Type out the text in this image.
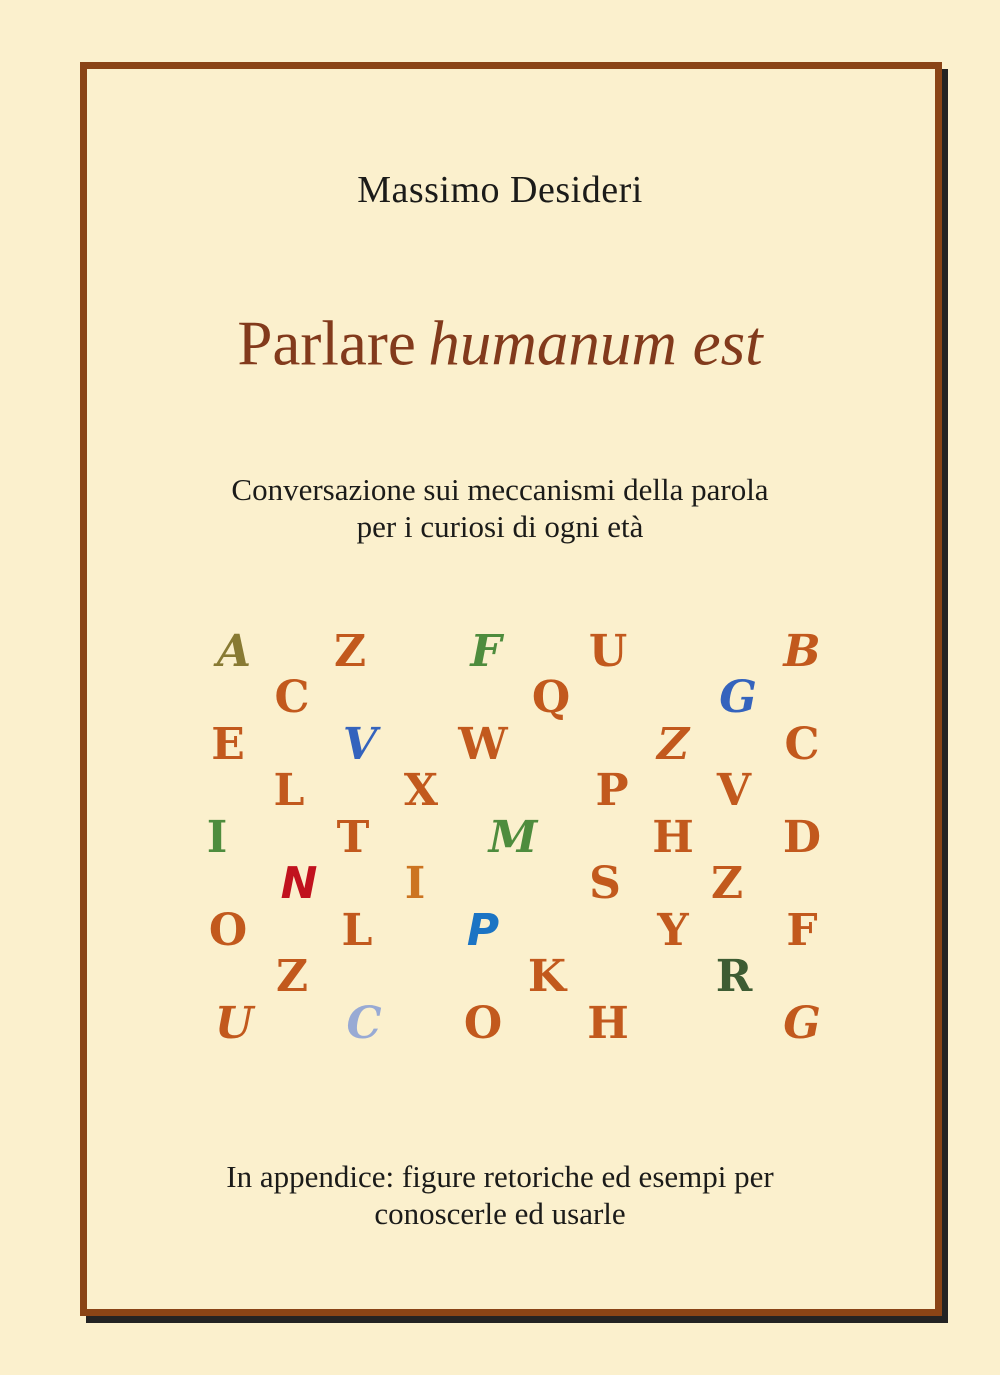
Massimo Desideri
Parlare humanum est
Conversazione sui meccanismi della parola
per i curiosi di ogni età
A Z F U	B
C	Q	G
E V W	Z C
L X	P V
I T	M	H D
N I	S Z
O L P	Y F
Z	K	R
U C O H	G
In appendice: figure retoriche ed esempi per
conoscerle ed usarle
